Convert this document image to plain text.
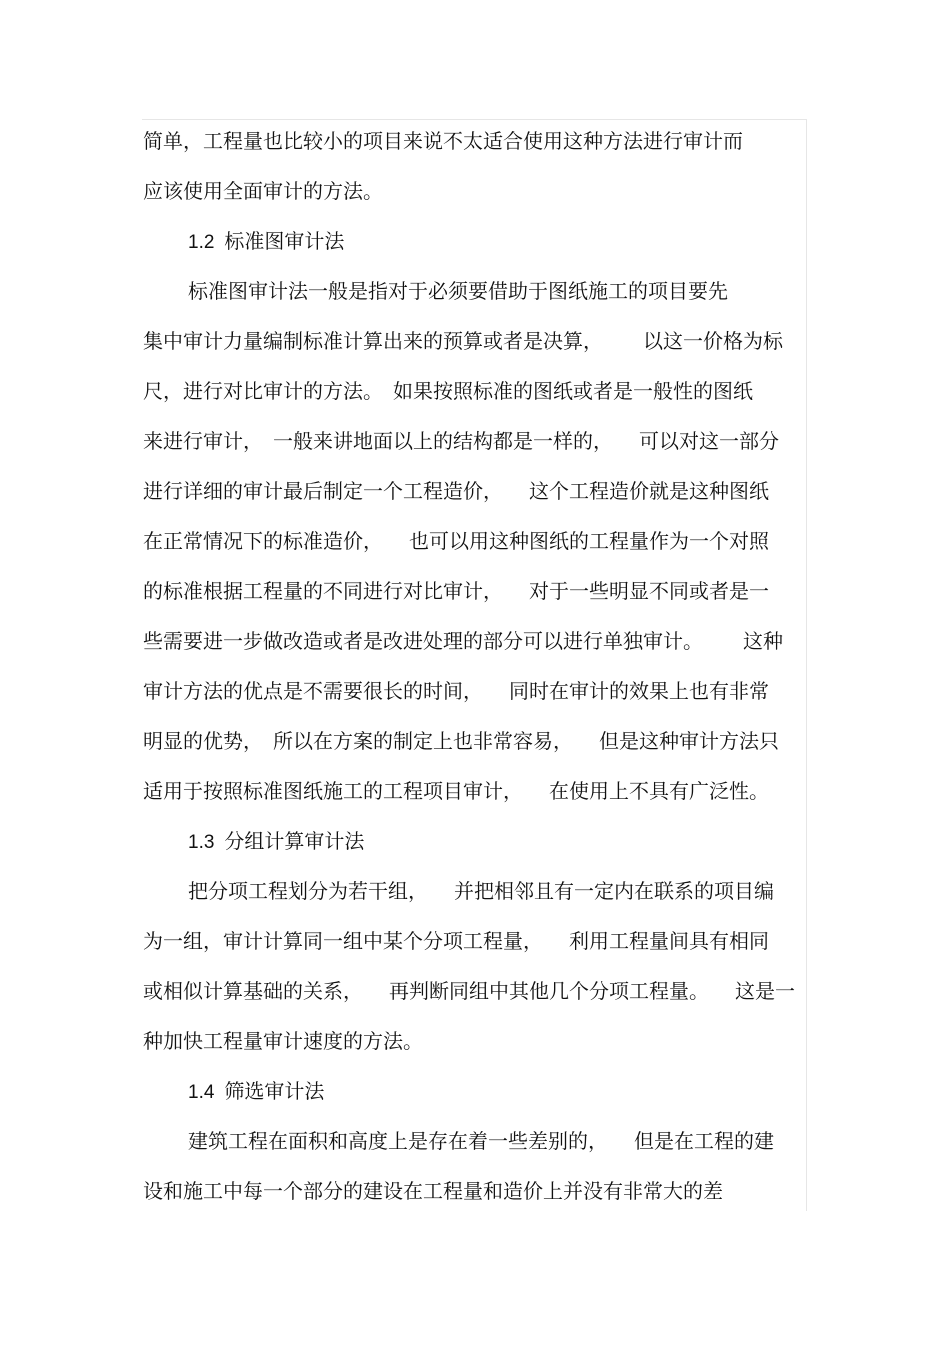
简单，工程量也比较小的项目来说不太适合使用这种方法进行审计而
应该使用全面审计的方法。
1.2 标准图审计法
标准图审计法一般是指对于必须要借助于图纸施工的项目要先
集中审计力量编制标准计算出来的预算或者是决算， 以这一价格为标
尺，进行对比审计的方法。 如果按照标准的图纸或者是一般性的图纸
来进行审计， 一般来讲地面以上的结构都是一样的， 可以对这一部分
进行详细的审计最后制定一个工程造价， 这个工程造价就是这种图纸
在正常情况下的标准造价， 也可以用这种图纸的工程量作为一个对照
的标准根据工程量的不同进行对比审计， 对于一些明显不同或者是一
些需要进一步做改造或者是改进处理的部分可以进行单独审计。 这种
审计方法的优点是不需要很长的时间， 同时在审计的效果上也有非常
明显的优势， 所以在方案的制定上也非常容易， 但是这种审计方法只
适用于按照标准图纸施工的工程项目审计， 在使用上不具有广泛性。
1.3 分组计算审计法
把分项工程划分为若干组， 并把相邻且有一定内在联系的项目编
为一组，审计计算同一组中某个分项工程量， 利用工程量间具有相同
或相似计算基础的关系， 再判断同组中其他几个分项工程量。 这是一
种加快工程量审计速度的方法。
1.4 筛选审计法
建筑工程在面积和高度上是存在着一些差别的， 但是在工程的建
设和施工中每一个部分的建设在工程量和造价上并没有非常大的差
